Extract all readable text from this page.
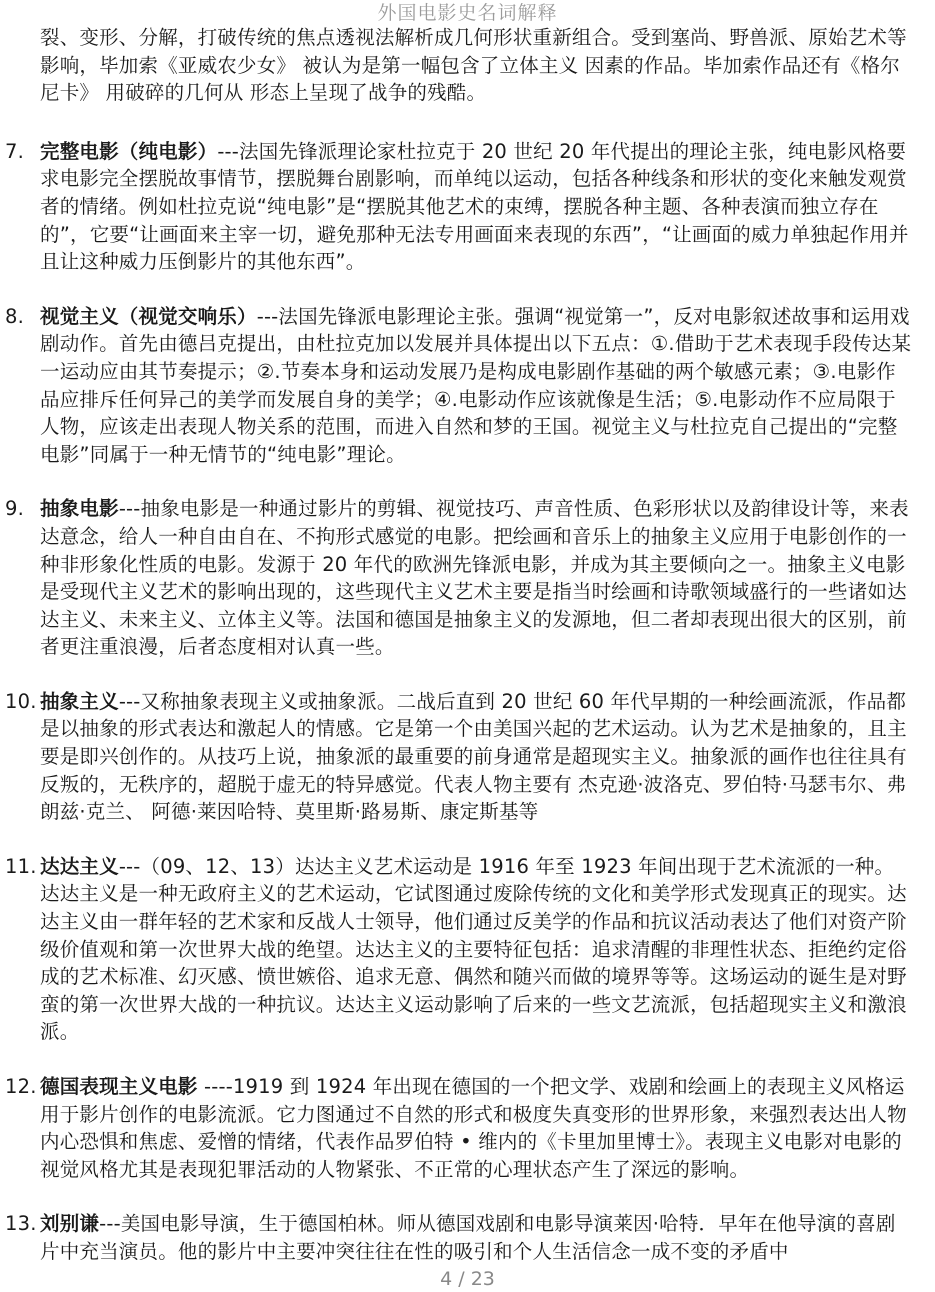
外国电影史名词解释
裂、变形、分解，打破传统的焦点透视法解析成几何形状重新组合。受到塞尚、野兽派、原始艺术等影响，毕加索《亚威农少女》 被认为是第一幅包含了立体主义 因素的作品。毕加索作品还有《格尔尼卡》 用破碎的几何从 形态上呈现了战争的残酷。
7. 完整电影（纯电影）---法国先锋派理论家杜拉克于 20 世纪 20 年代提出的理论主张，纯电影风格要求电影完全摆脱故事情节，摆脱舞台剧影响，而单纯以运动，包括各种线条和形状的变化来触发观赏者的情绪。例如杜拉克说“纯电影”是“摆脱其他艺术的束缚，摆脱各种主题、各种表演而独立存在的”，它要“让画面来主宰一切，避免那种无法专用画面来表现的东西”，“让画面的威力单独起作用并且让这种威力压倒影片的其他东西”。
8. 视觉主义（视觉交响乐）---法国先锋派电影理论主张。强调“视觉第一”，反对电影叙述故事和运用戏剧动作。首先由德吕克提出，由杜拉克加以发展并具体提出以下五点：①.借助于艺术表现手段传达某一运动应由其节奏提示；②.节奏本身和运动发展乃是构成电影剧作基础的两个敏感元素；③.电影作品应排斥任何异己的美学而发展自身的美学；④.电影动作应该就像是生活；⑤.电影动作不应局限于人物，应该走出表现人物关系的范围，而进入自然和梦的王国。视觉主义与杜拉克自己提出的“完整电影”同属于一种无情节的“纯电影”理论。
9. 抽象电影---抽象电影是一种通过影片的剪辑、视觉技巧、声音性质、色彩形状以及韵律设计等，来表达意念，给人一种自由自在、不拘形式感觉的电影。把绘画和音乐上的抽象主义应用于电影创作的一种非形象化性质的电影。发源于 20 年代的欧洲先锋派电影，并成为其主要倾向之一。抽象主义电影是受现代主义艺术的影响出现的，这些现代主义艺术主要是指当时绘画和诗歌领域盛行的一些诸如达达主义、未来主义、立体主义等。法国和德国是抽象主义的发源地，但二者却表现出很大的区别，前者更注重浪漫，后者态度相对认真一些。
10. 抽象主义---又称抽象表现主义或抽象派。二战后直到 20 世纪 60 年代早期的一种绘画流派，作品都是以抽象的形式表达和激起人的情感。它是第一个由美国兴起的艺术运动。认为艺术是抽象的，且主要是即兴创作的。从技巧上说，抽象派的最重要的前身通常是超现实主义。抽象派的画作也往往具有反叛的，无秩序的，超脱于虚无的特异感觉。代表人物主要有 杰克逊·波洛克、罗伯特·马瑟韦尔、弗朗兹·克兰、 阿德·莱因哈特、莫里斯·路易斯、康定斯基等
11. 达达主义---（09、12、13）达达主义艺术运动是 1916 年至 1923 年间出现于艺术流派的一种。达达主义是一种无政府主义的艺术运动，它试图通过废除传统的文化和美学形式发现真正的现实。达达主义由一群年轻的艺术家和反战人士领导，他们通过反美学的作品和抗议活动表达了他们对资产阶级价值观和第一次世界大战的绝望。达达主义的主要特征包括：追求清醒的非理性状态、拒绝约定俗成的艺术标准、幻灭感、愤世嫉俗、追求无意、偶然和随兴而做的境界等等。这场运动的诞生是对野蛮的第一次世界大战的一种抗议。达达主义运动影响了后来的一些文艺流派，包括超现实主义和激浪派。
12. 德国表现主义电影 ----1919 到 1924 年出现在德国的一个把文学、戏剧和绘画上的表现主义风格运用于影片创作的电影流派。它力图通过不自然的形式和极度失真变形的世界形象，来强烈表达出人物内心恐惧和焦虑、爱憎的情绪，代表作品罗伯特 • 维内的《卡里加里博士》。表现主义电影对电影的视觉风格尤其是表现犯罪活动的人物紧张、不正常的心理状态产生了深远的影响。
13. 刘别谦---美国电影导演，生于德国柏林。师从德国戏剧和电影导演莱因·哈特．早年在他导演的喜剧片中充当演员。他的影片中主要冲突往往在性的吸引和个人生活信念一成不变的矛盾中
4 / 23
